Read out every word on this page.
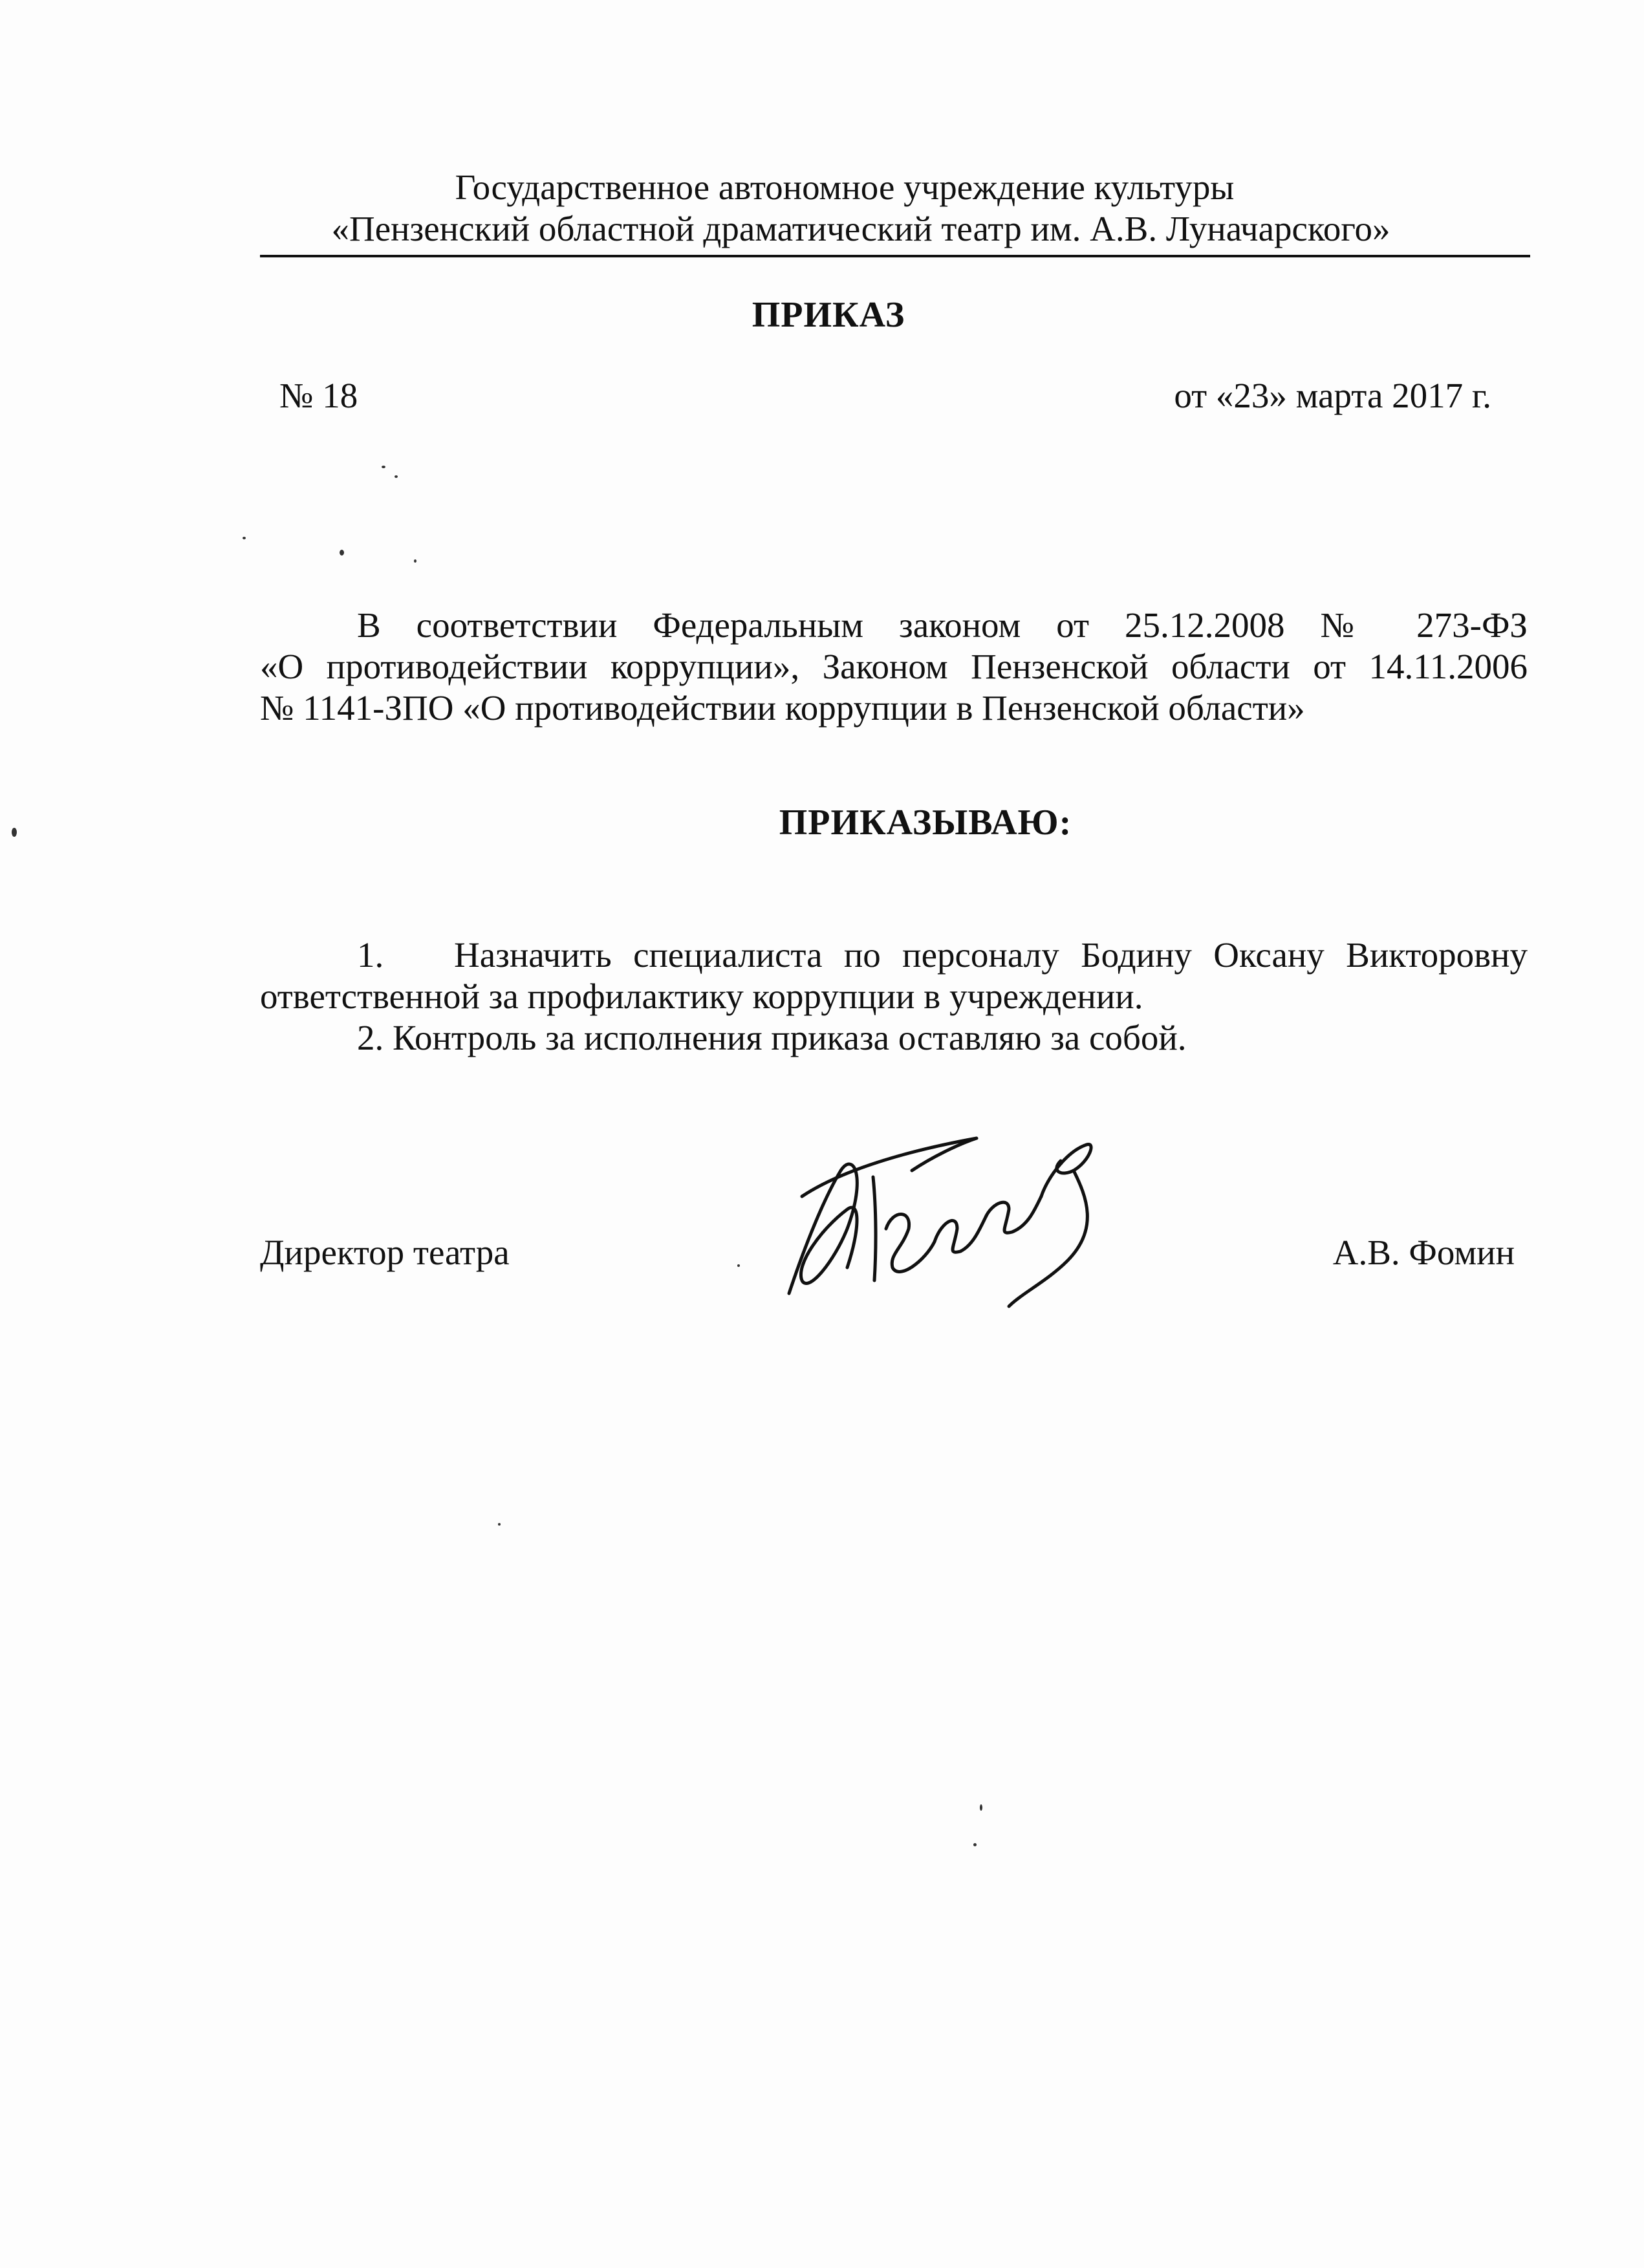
Государственное автономное учреждение культуры
«Пензенский областной драматический театр им. А.В. Луначарского»
ПРИКАЗ
№ 18	от «23» марта 2017 г.
В соответствии Федеральным законом от 25.12.2008 № 273-ФЗ
«О противодействии коррупции», Законом Пензенской области от 14.11.2006
№ 1141-ЗПО «О противодействии коррупции в Пензенской области»
ПРИКАЗЫВАЮ:
1. Назначить специалиста по персоналу Бодину Оксану Викторовну
ответственной за профилактику коррупции в учреждении.
2. Контроль за исполнения приказа оставляю за собой.
Директор театра	А.В. Фомин
